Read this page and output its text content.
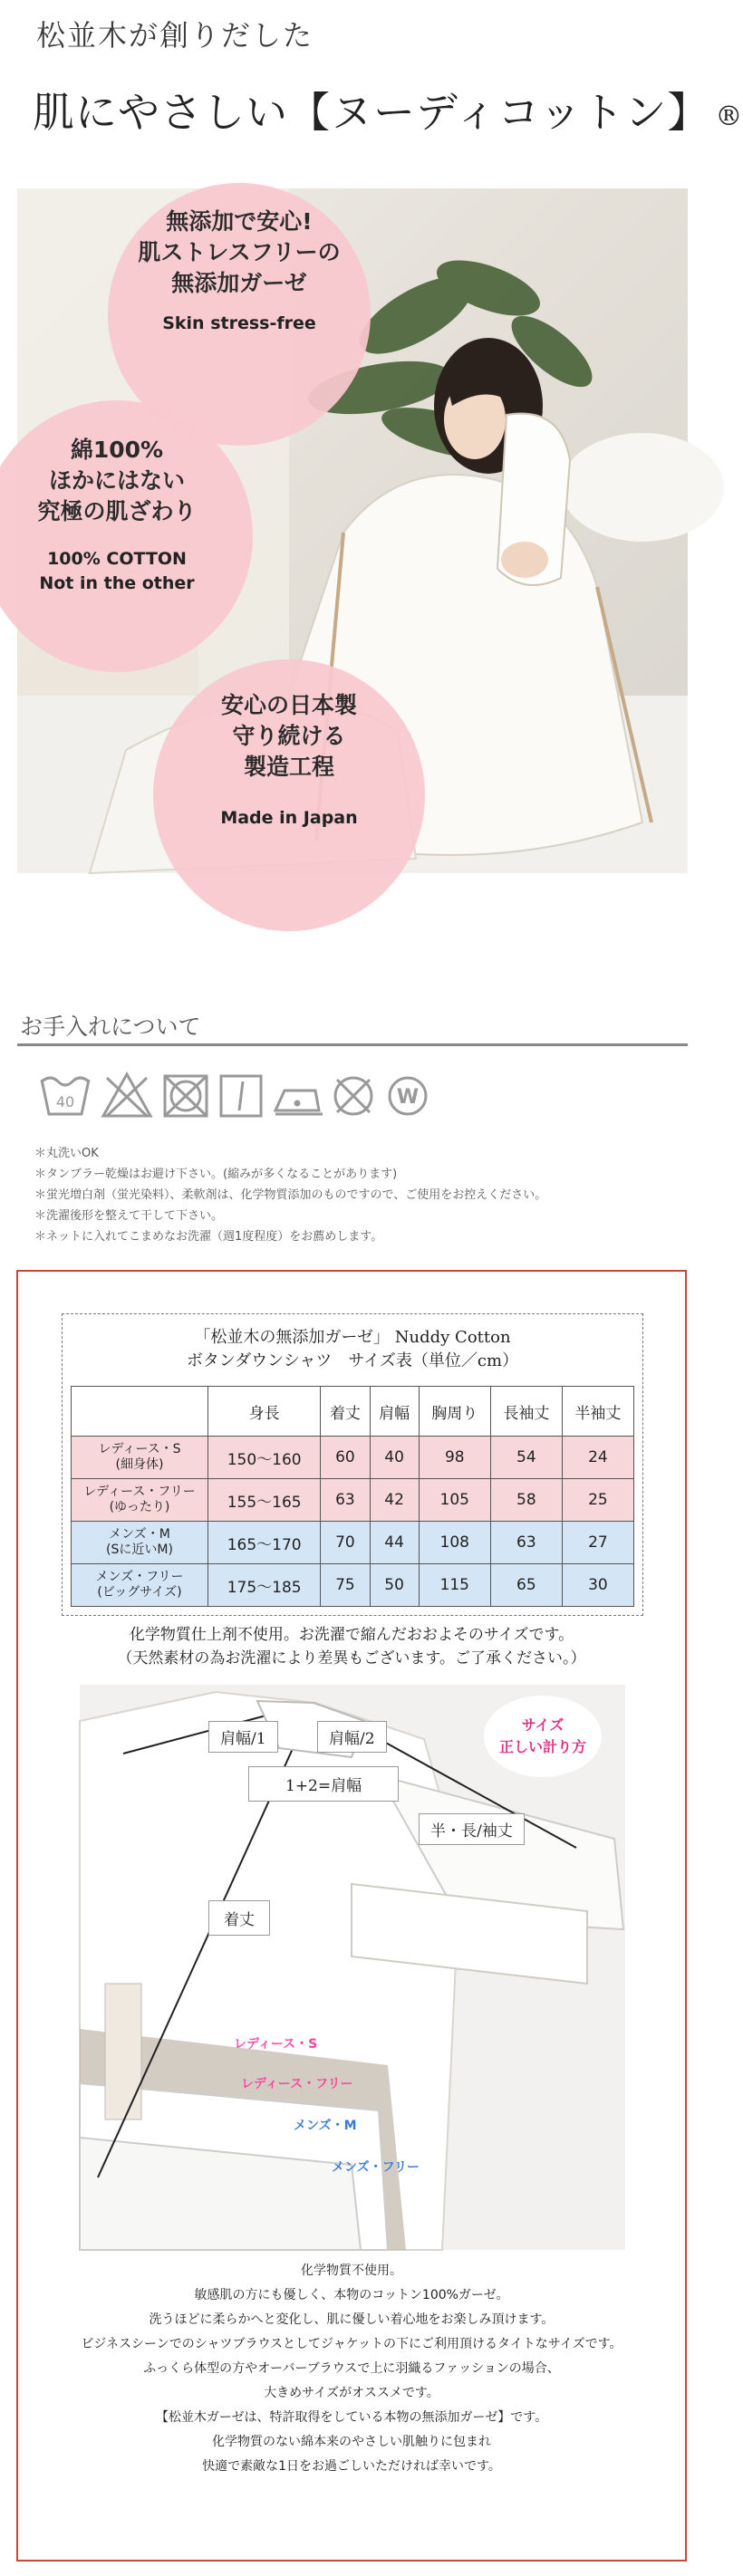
松並木が創りだした
肌にやさしい【ヌーディコットン】 ®
無添加で安心!
肌ストレスフリーの
無添加ガーゼ
Skin stress-free
綿100%
ほかにはない
究極の肌ざわり
100% COTTON
Not in the other
安心の日本製
守り続ける
製造工程
Made in Japan
お手入れについて
40	W
＊丸洗いOK
＊タンブラー乾燥はお避け下さい。(縮みが多くなることがあります)
＊蛍光増白剤（蛍光染料）、柔軟剤は、化学物質添加のものですので、ご使用をお控えください。
＊洗濯後形を整えて干して下さい。
＊ネットに入れてこまめなお洗濯（週1度程度）をお薦めします。
「松並木の無添加ガーゼ」 Nuddy Cotton
ボタンダウンシャツ　サイズ表（単位／cm）
	身長	着丈	肩幅	胸周り	長袖丈	半袖丈

レディース・S
(細身体)	150〜160	60	40	98	54	24

レディース・フリー
(ゆったり)	155〜165	63	42	105	58	25

メンズ・M
(Sに近いM)	165〜170	70	44	108	63	27

メンズ・フリー
(ビッグサイズ)	175〜185	75	50	115	65	30
化学物質仕上剤不使用。お洗濯で縮んだおおよそのサイズです。
（天然素材の為お洗濯により差異もございます。ご了承ください。）
肩幅/1	肩幅/2
1+2=肩幅
半・長/袖丈
着丈
サイズ
正しい計り方
レディース・S
レディース・フリー
メンズ・M
メンズ・フリー
化学物質不使用。
敏感肌の方にも優しく、本物のコットン100%ガーゼ。
洗うほどに柔らかへと変化し、肌に優しい着心地をお楽しみ頂けます。
ビジネスシーンでのシャツブラウスとしてジャケットの下にご利用頂けるタイトなサイズです。
ふっくら体型の方やオーバーブラウスで上に羽織るファッションの場合、
大きめサイズがオススメです。
【松並木ガーゼは、特許取得をしている本物の無添加ガーゼ】です。
化学物質のない綿本来のやさしい肌触りに包まれ
快適で素敵な1日をお過ごしいただければ幸いです。
